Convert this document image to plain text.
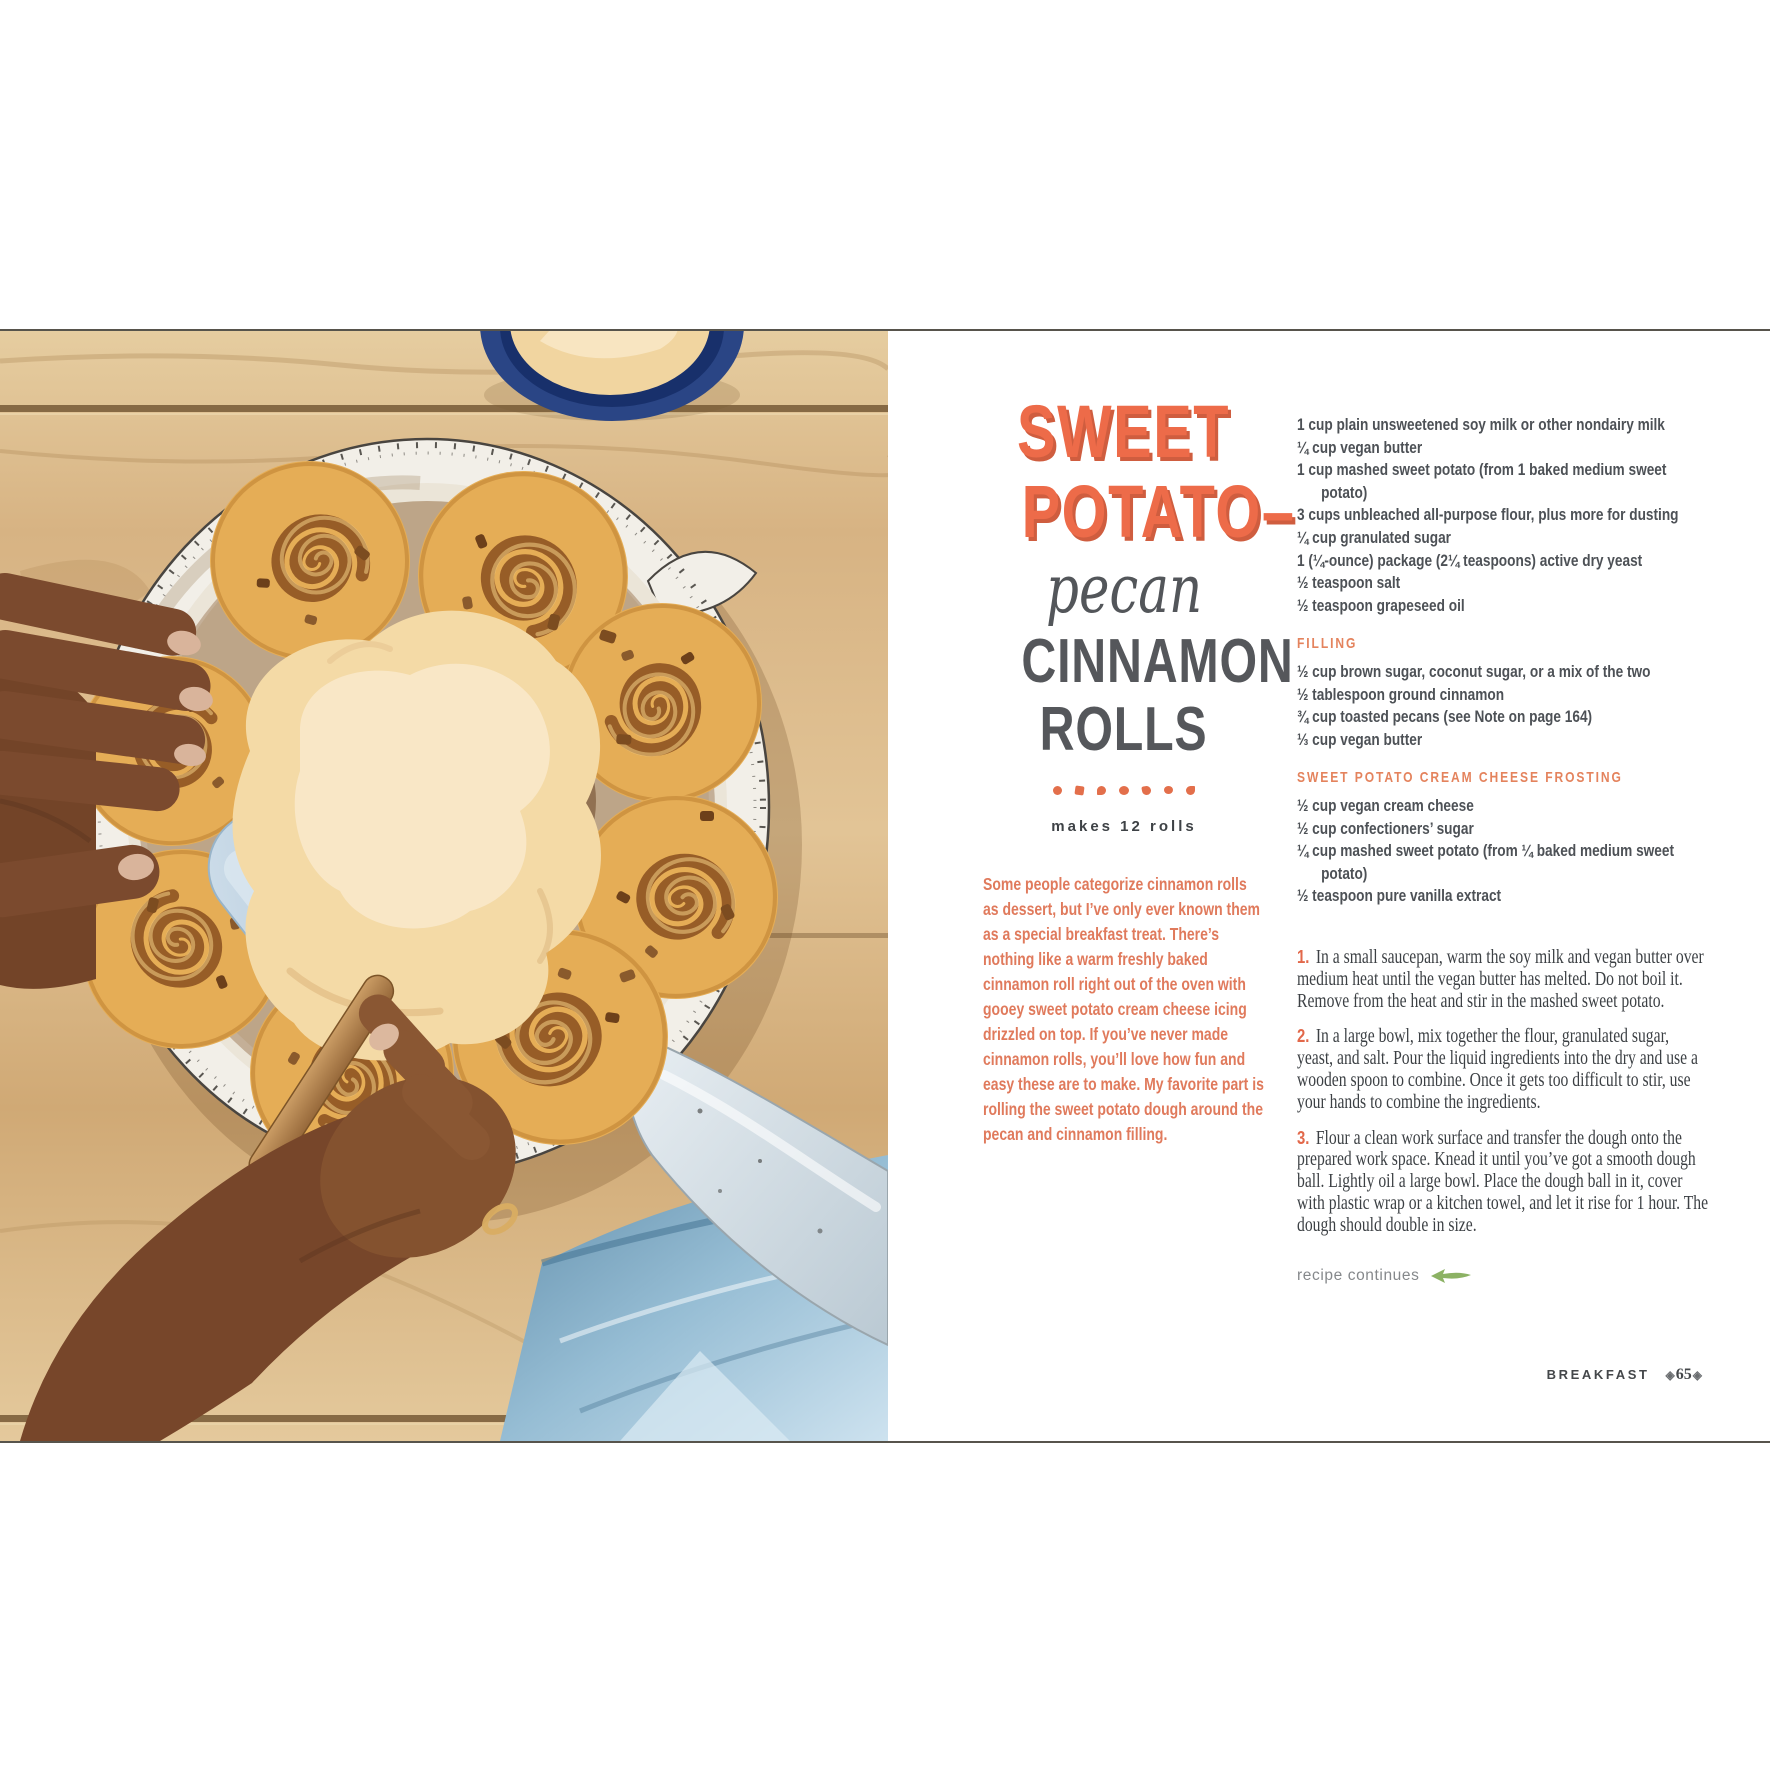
SWEET
POTATO–
pecan
CINNAMON
ROLLS
makes 12 rolls
Some people categorize cinnamon rolls as dessert, but I’ve only ever known them as a special breakfast treat. There’s nothing like a warm freshly baked cinnamon roll right out of the oven with gooey sweet potato cream cheese icing drizzled on top. If you’ve never made cinnamon rolls, you’ll love how fun and easy these are to make. My favorite part is rolling the sweet potato dough around the pecan and cinnamon filling.
1 cup plain unsweetened soy milk or other nondairy milk
¼ cup vegan butter
1 cup mashed sweet potato (from 1 baked medium sweet potato)
3 cups unbleached all-purpose flour, plus more for dusting
¼ cup granulated sugar
1 (¼-ounce) package (2¼ teaspoons) active dry yeast
½ teaspoon salt
½ teaspoon grapeseed oil
FILLING
½ cup brown sugar, coconut sugar, or a mix of the two
½ tablespoon ground cinnamon
¾ cup toasted pecans (see Note on page 164)
⅓ cup vegan butter
SWEET POTATO CREAM CHEESE FROSTING
½ cup vegan cream cheese
½ cup confectioners’ sugar
¼ cup mashed sweet potato (from ¼ baked medium sweet potato)
½ teaspoon pure vanilla extract

1. In a small saucepan, warm the soy milk and vegan butter over medium heat until the vegan butter has melted. Do not boil it. Remove from the heat and stir in the mashed sweet potato.

2. In a large bowl, mix together the flour, granulated sugar, yeast, and salt. Pour the liquid ingredients into the dry and use a wooden spoon to combine. Once it gets too difficult to stir, use your hands to combine the ingredients.

3. Flour a clean work surface and transfer the dough onto the prepared work space. Knead it until you’ve got a smooth dough ball. Lightly oil a large bowl. Place the dough ball in it, cover with plastic wrap or a kitchen towel, and let it rise for 1 hour. The dough should double in size.

recipe continues
BREAKFAST ◈65◈
